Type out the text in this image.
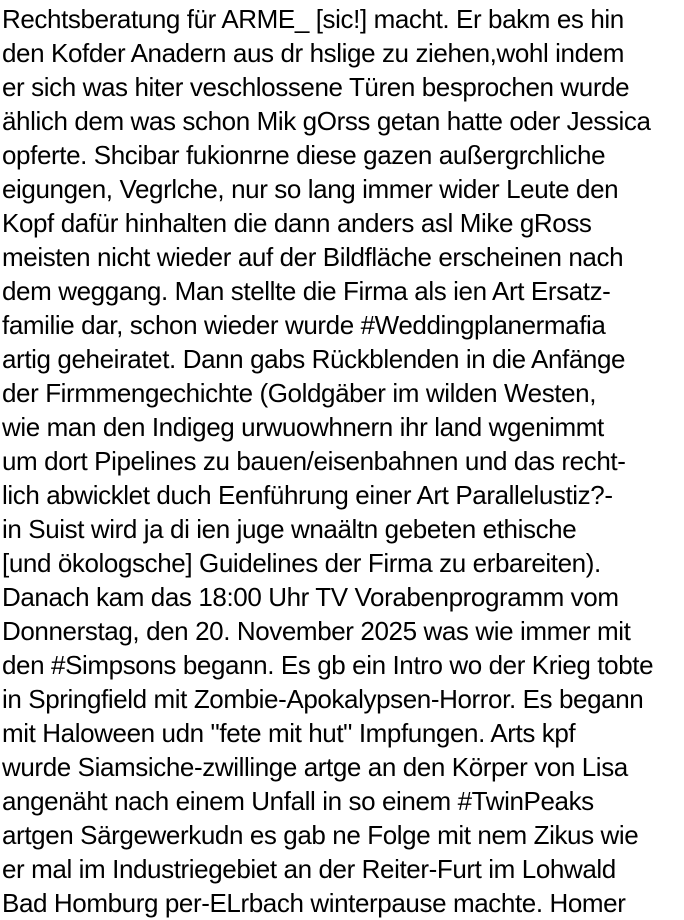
Rechtsberatung für ARME_ [sic!] macht. Er bakm es hin
den Kofder Anadern aus dr hslige zu ziehen,wohl indem
er sich was hiter veschlossene Türen besprochen wurde
ählich dem was schon Mik gOrss getan hatte oder Jessica
opferte. Shcibar fukionrne diese gazen außergrchliche
eigungen, Vegrlche, nur so lang immer wider Leute den
Kopf dafür hinhalten die dann anders asl Mike gRoss
meisten nicht wieder auf der Bildfläche erscheinen nach
dem weggang. Man stellte die Firma als ien Art Ersatz-
familie dar, schon wieder wurde #Weddingplanermafia
artig geheiratet. Dann gabs Rückblenden in die Anfänge
der Firmmengechichte (Goldgäber im wilden Westen,
wie man den Indigeg urwuowhnern ihr land wgenimmt
um dort Pipelines zu bauen/eisenbahnen und das recht-
lich abwicklet duch Eenführung einer Art Parallelustiz?-
in Suist wird ja di ien juge wnaältn gebeten ethische
[und ökologsche] Guidelines der Firma zu erbareiten).
Danach kam das 18:00 Uhr TV Vorabenprogramm vom
Donnerstag, den 20. November 2025 was wie immer mit
den #Simpsons begann. Es gb ein Intro wo der Krieg tobte
in Springfield mit Zombie-Apokalypsen-Horror. Es begann
mit Haloween udn "fete mit hut" Impfungen. Arts kpf
wurde Siamsiche-zwillinge artge an den Körper von Lisa
angenäht nach einem Unfall in so einem #TwinPeaks
artgen Särgewerkudn es gab ne Folge mit nem Zikus wie
er mal im Industriegebiet an der Reiter-Furt im Lohwald
Bad Homburg per-ELrbach winterpause machte. Homer
